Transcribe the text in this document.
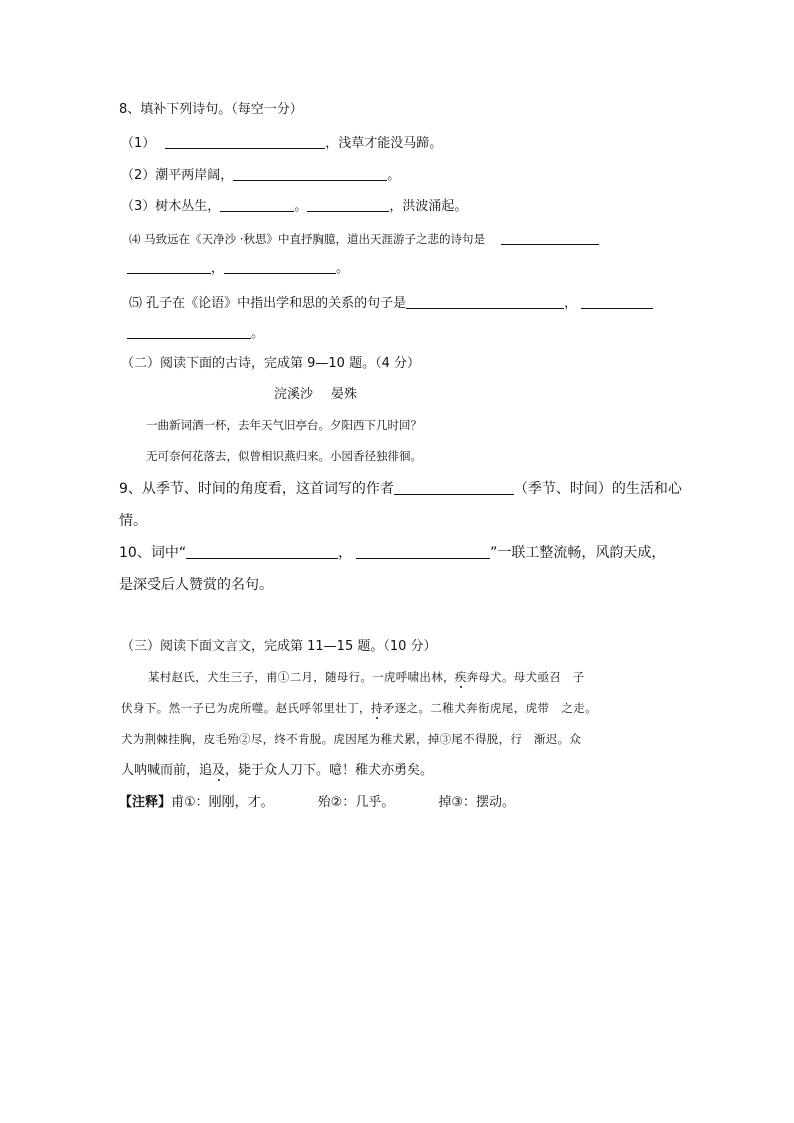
8、填补下列诗句。（每空一分）
（1）	，浅草才能没马蹄。
（2）潮平两岸阔，	。
（3）树木丛生，	。	，洪波涌起。
⑷ 马致远在《天净沙 ·秋思》中直抒胸臆，道出天涯游子之悲的诗句是
，	。
⑸ 孔子在《论语》中指出学和思的关系的句子是	，
。
（二）阅读下面的古诗，完成第 9—10 题。（4 分）
浣溪沙 晏殊
一曲新词酒一杯，去年天气旧亭台。夕阳西下几时回？
无可奈何花落去，似曾相识燕归来。小园香径独徘徊。
9、从季节、时间的角度看，这首词写的作者	（季节、时间）的生活和心
情。
10、词中“	，	”一联工整流畅，风韵天成，
是深受后人赞赏的名句。
（三）阅读下面文言文，完成第 11—15 题。（10 分）
某村赵氏，犬生三子，甫①二月，随母行。一虎呼啸出林，疾奔母犬。母犬亟召　子
伏身下。然一子已为虎所噬。赵氏呼邻里壮丁，持矛逐之。二稚犬奔衔虎尾，虎带　之走。
犬为荆棘挂胸，皮毛殆②尽，终不肯脱。虎因尾为稚犬累，掉③尾不得脱，行　渐迟。众
人呐喊而前，追及，毙于众人刀下。噫！稚犬亦勇矣。
【注释】甫①：刚刚，才。	殆②：几乎。	掉③：摆动。
